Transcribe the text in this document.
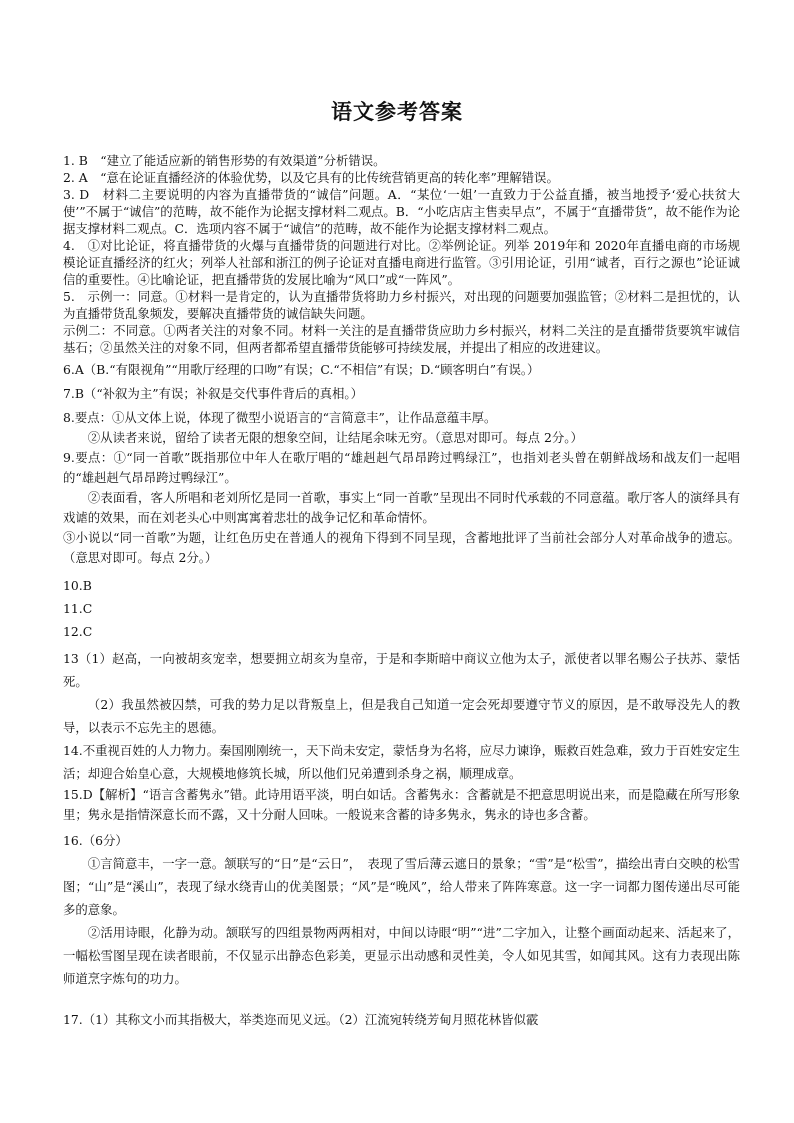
语文参考答案

1. B　“建立了能适应新的销售形势的有效渠道”分析错误。

2. A　“意在论证直播经济的体验优势，以及它具有的比传统营销更高的转化率”理解错误。

3. D　材料二主要说明的内容为直播带货的“诚信”问题。A．“某位‘一姐’一直致力于公益直播，被当地授予‘爱心扶贫大使’”不属于“诚信”的范畴，故不能作为论据支撑材料二观点。B．“小吃店店主售卖早点”，不属于“直播带货”，故不能作为论据支撑材料二观点。C．选项内容不属于“诚信”的范畴，故不能作为论据支撑材料二观点。

4.　①对比论证，将直播带货的火爆与直播带货的问题进行对比。②举例论证。列举 2019年和 2020年直播电商的市场规模论证直播经济的红火；列举人社部和浙江的例子论证对直播电商进行监管。③引用论证，引用“诚者，百行之源也”论证诚信的重要性。④比喻论证，把直播带货的发展比喻为“风口”或“一阵风”。

5.　示例一：同意。①材料一是肯定的，认为直播带货将助力乡村振兴，对出现的问题要加强监管；②材料二是担忧的，认为直播带货乱象频发，要解决直播带货的诚信缺失问题。

示例二：不同意。①两者关注的对象不同。材料一关注的是直播带货应助力乡村振兴，材料二关注的是直播带货要筑牢诚信基石；②虽然关注的对象不同，但两者都希望直播带货能够可持续发展，并提出了相应的改进建议。

6.A（B.“有限视角”“用歌厅经理的口吻”有误；C.“不相信”有误；D.“顾客明白”有误。）

7.B（“补叙为主”有误；补叙是交代事件背后的真相。）

8.要点：①从文体上说，体现了微型小说语言的“言简意丰”，让作品意蕴丰厚。

②从读者来说，留给了读者无限的想象空间，让结尾余味无穷。（意思对即可。每点 2分。）

9.要点：①“同一首歌”既指那位中年人在歌厅唱的“雄赳赳气昂昂跨过鸭绿江”，也指刘老头曾在朝鲜战场和战友们一起唱的“雄赳赳气昂昂跨过鸭绿江”。

②表面看，客人所唱和老刘所忆是同一首歌，事实上“同一首歌”呈现出不同时代承载的不同意蕴。歌厅客人的演绎具有戏谑的效果，而在刘老头心中则寓寓着悲壮的战争记忆和革命情怀。

③小说以“同一首歌”为题，让红色历史在普通人的视角下得到不同呈现，含蓄地批评了当前社会部分人对革命战争的遗忘。（意思对即可。每点 2分。）

10.B

11.C

12.C

13（1）赵高，一向被胡亥宠幸，想要拥立胡亥为皇帝，于是和李斯暗中商议立他为太子，派使者以罪名赐公子扶苏、蒙恬死。

（2）我虽然被囚禁，可我的势力足以背叛皇上，但是我自己知道一定会死却要遵守节义的原因，是不敢辱没先人的教导，以表示不忘先主的恩德。

14.不重视百姓的人力物力。秦国刚刚统一，天下尚未安定，蒙恬身为名将，应尽力谏诤，赈救百姓急难，致力于百姓安定生活；却迎合始皇心意，大规模地修筑长城，所以他们兄弟遭到杀身之祸，顺理成章。

15.D【解析】“语言含蓄隽永”错。此诗用语平淡，明白如话。含蓄隽永：含蓄就是不把意思明说出来，而是隐藏在所写形象里；隽永是指情深意长而不露，又十分耐人回味。一般说来含蓄的诗多隽永，隽永的诗也多含蓄。

16.（6分）

①言简意丰，一字一意。颔联写的“日”是“云日”，　表现了雪后薄云遮日的景象；“雪”是“松雪”，描绘出青白交映的松雪图；“山”是“溪山”，表现了绿水绕青山的优美图景；“风”是“晚风”，给人带来了阵阵寒意。这一字一词都力图传递出尽可能多的意象。

②活用诗眼，化静为动。颔联写的四组景物两两相对，中间以诗眼“明”“进”二字加入，让整个画面动起来、活起来了，一幅松雪图呈现在读者眼前，不仅显示出静态色彩美，更显示出动感和灵性美，令人如见其雪，如闻其风。这有力表现出陈师道烹字炼句的功力。

17.（1）其称文小而其指极大，举类迩而见义远。（2）江流宛转绕芳甸月照花林皆似霰
